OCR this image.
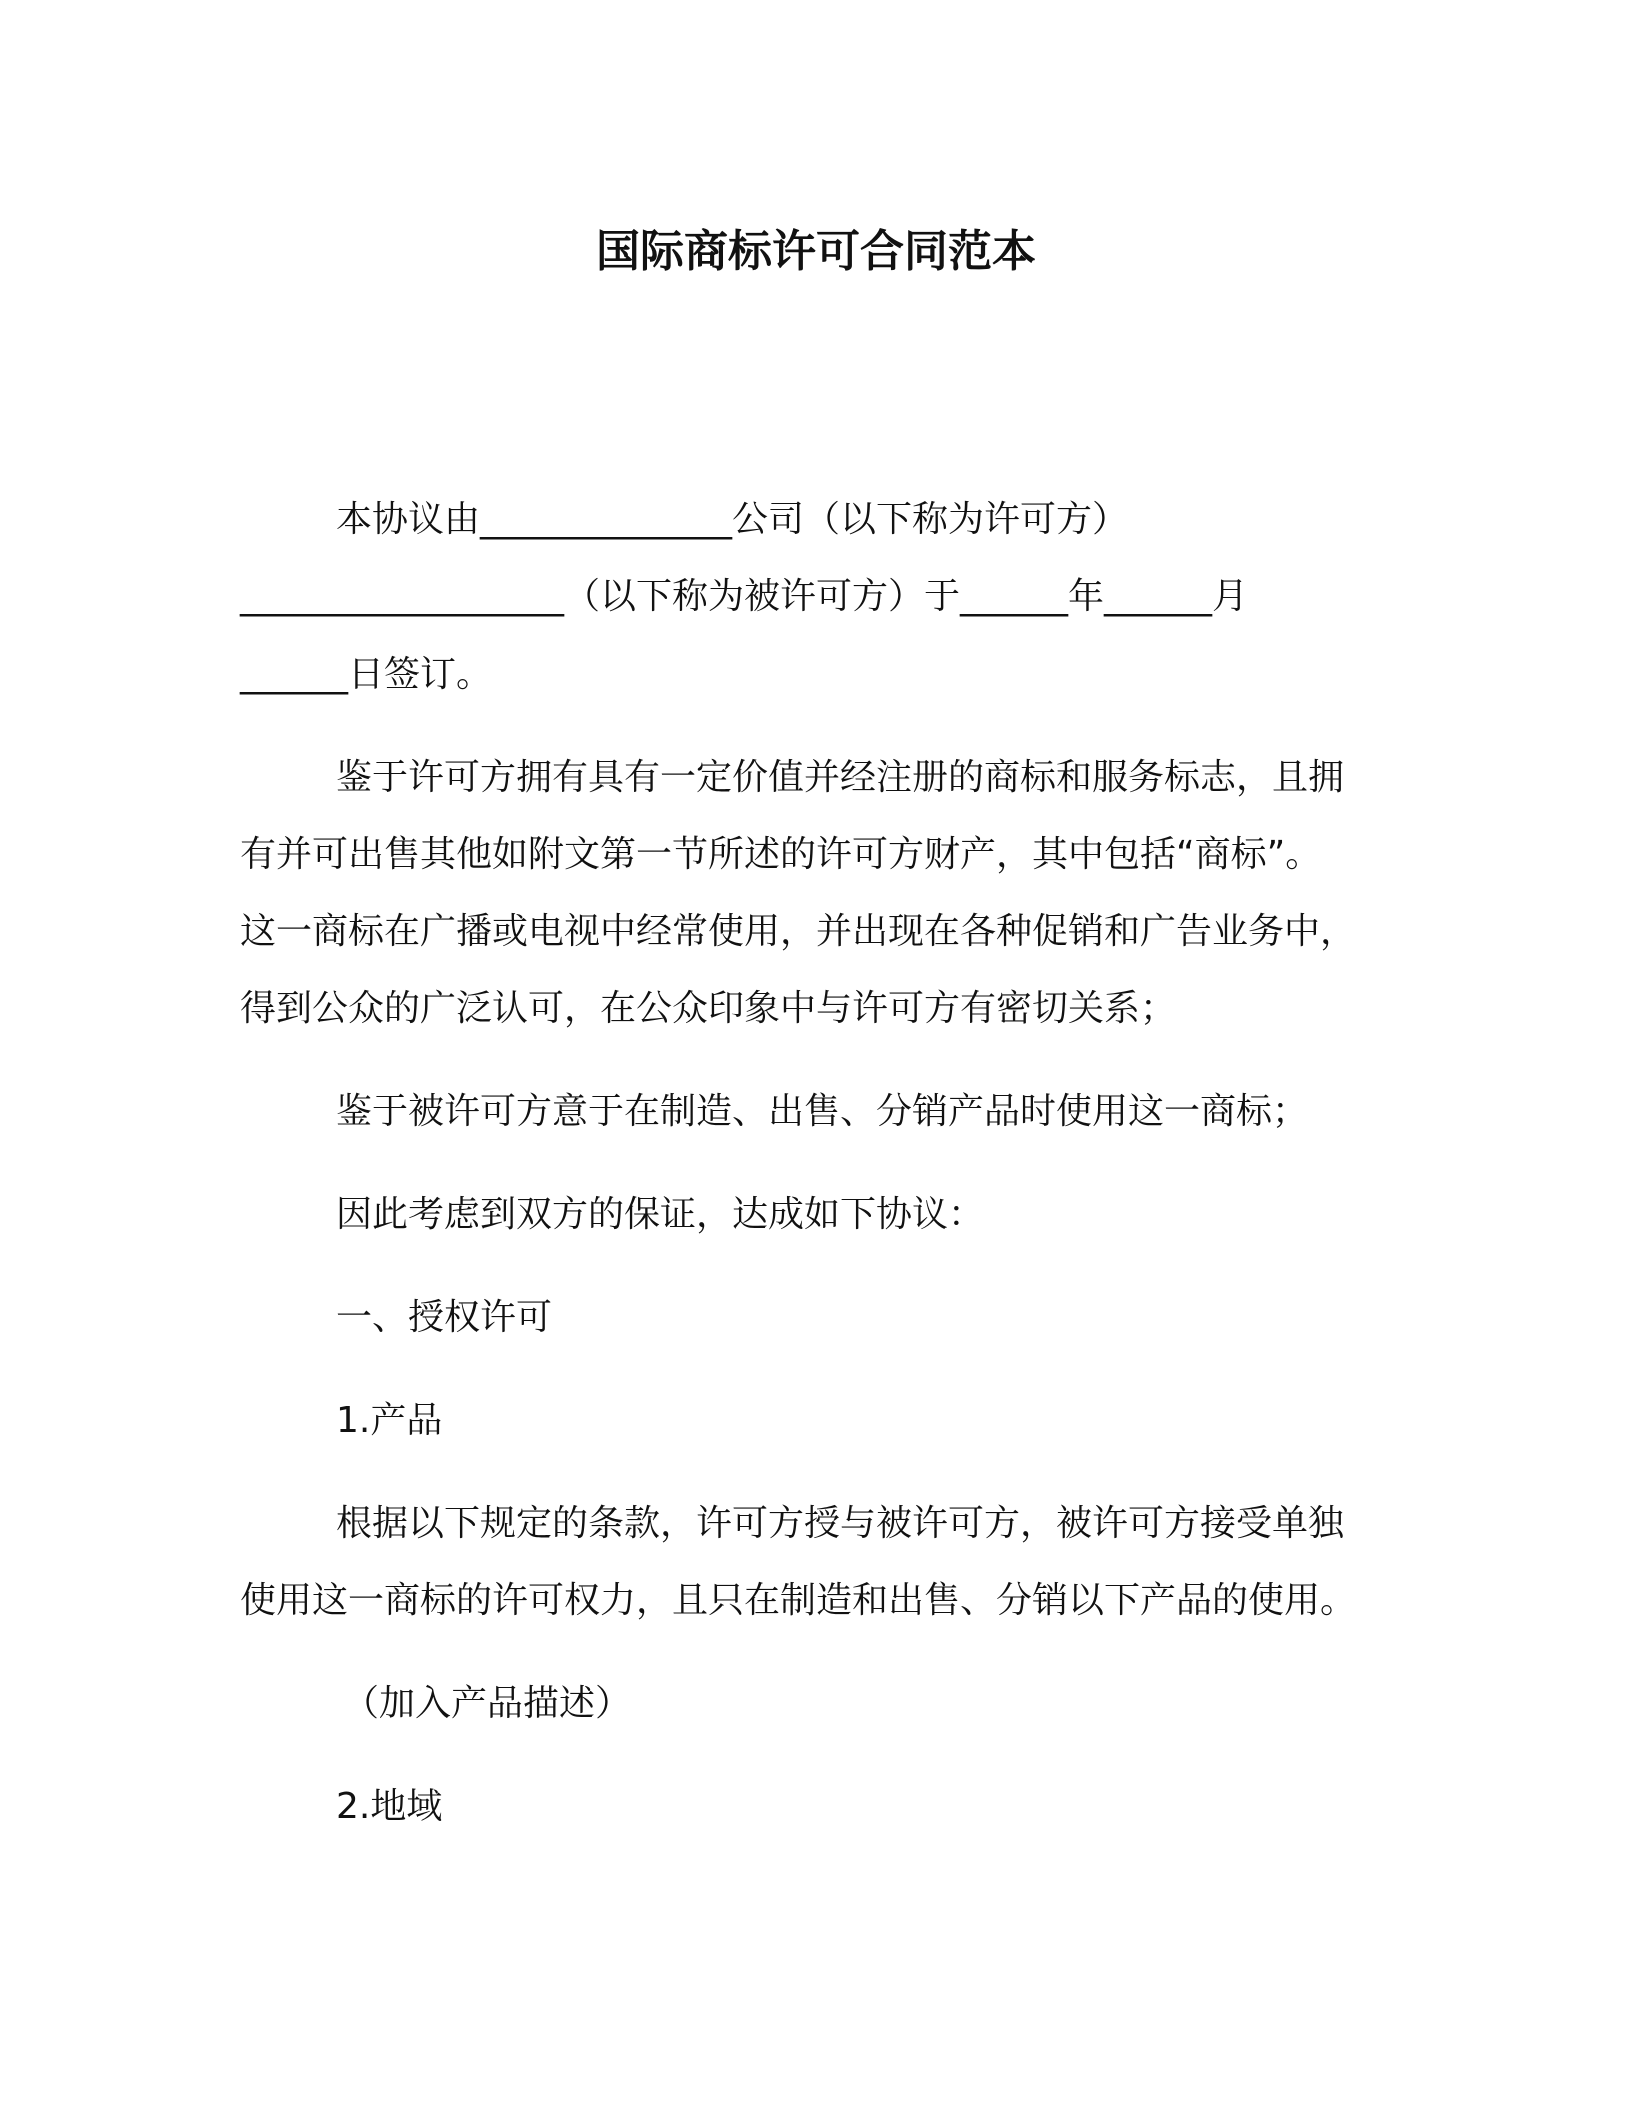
国际商标许可合同范本

本协议由______________公司（以下称为许可方）

__________________（以下称为被许可方）于______年______月

______日签订。

鉴于许可方拥有具有一定价值并经注册的商标和服务标志，且拥

有并可出售其他如附文第一节所述的许可方财产，其中包括“商标”。

这一商标在广播或电视中经常使用，并出现在各种促销和广告业务中，

得到公众的广泛认可，在公众印象中与许可方有密切关系；

鉴于被许可方意于在制造、出售、分销产品时使用这一商标；

因此考虑到双方的保证，达成如下协议：

一、授权许可

1.产品

根据以下规定的条款，许可方授与被许可方，被许可方接受单独

使用这一商标的许可权力，且只在制造和出售、分销以下产品的使用。

（加入产品描述）

2.地域
